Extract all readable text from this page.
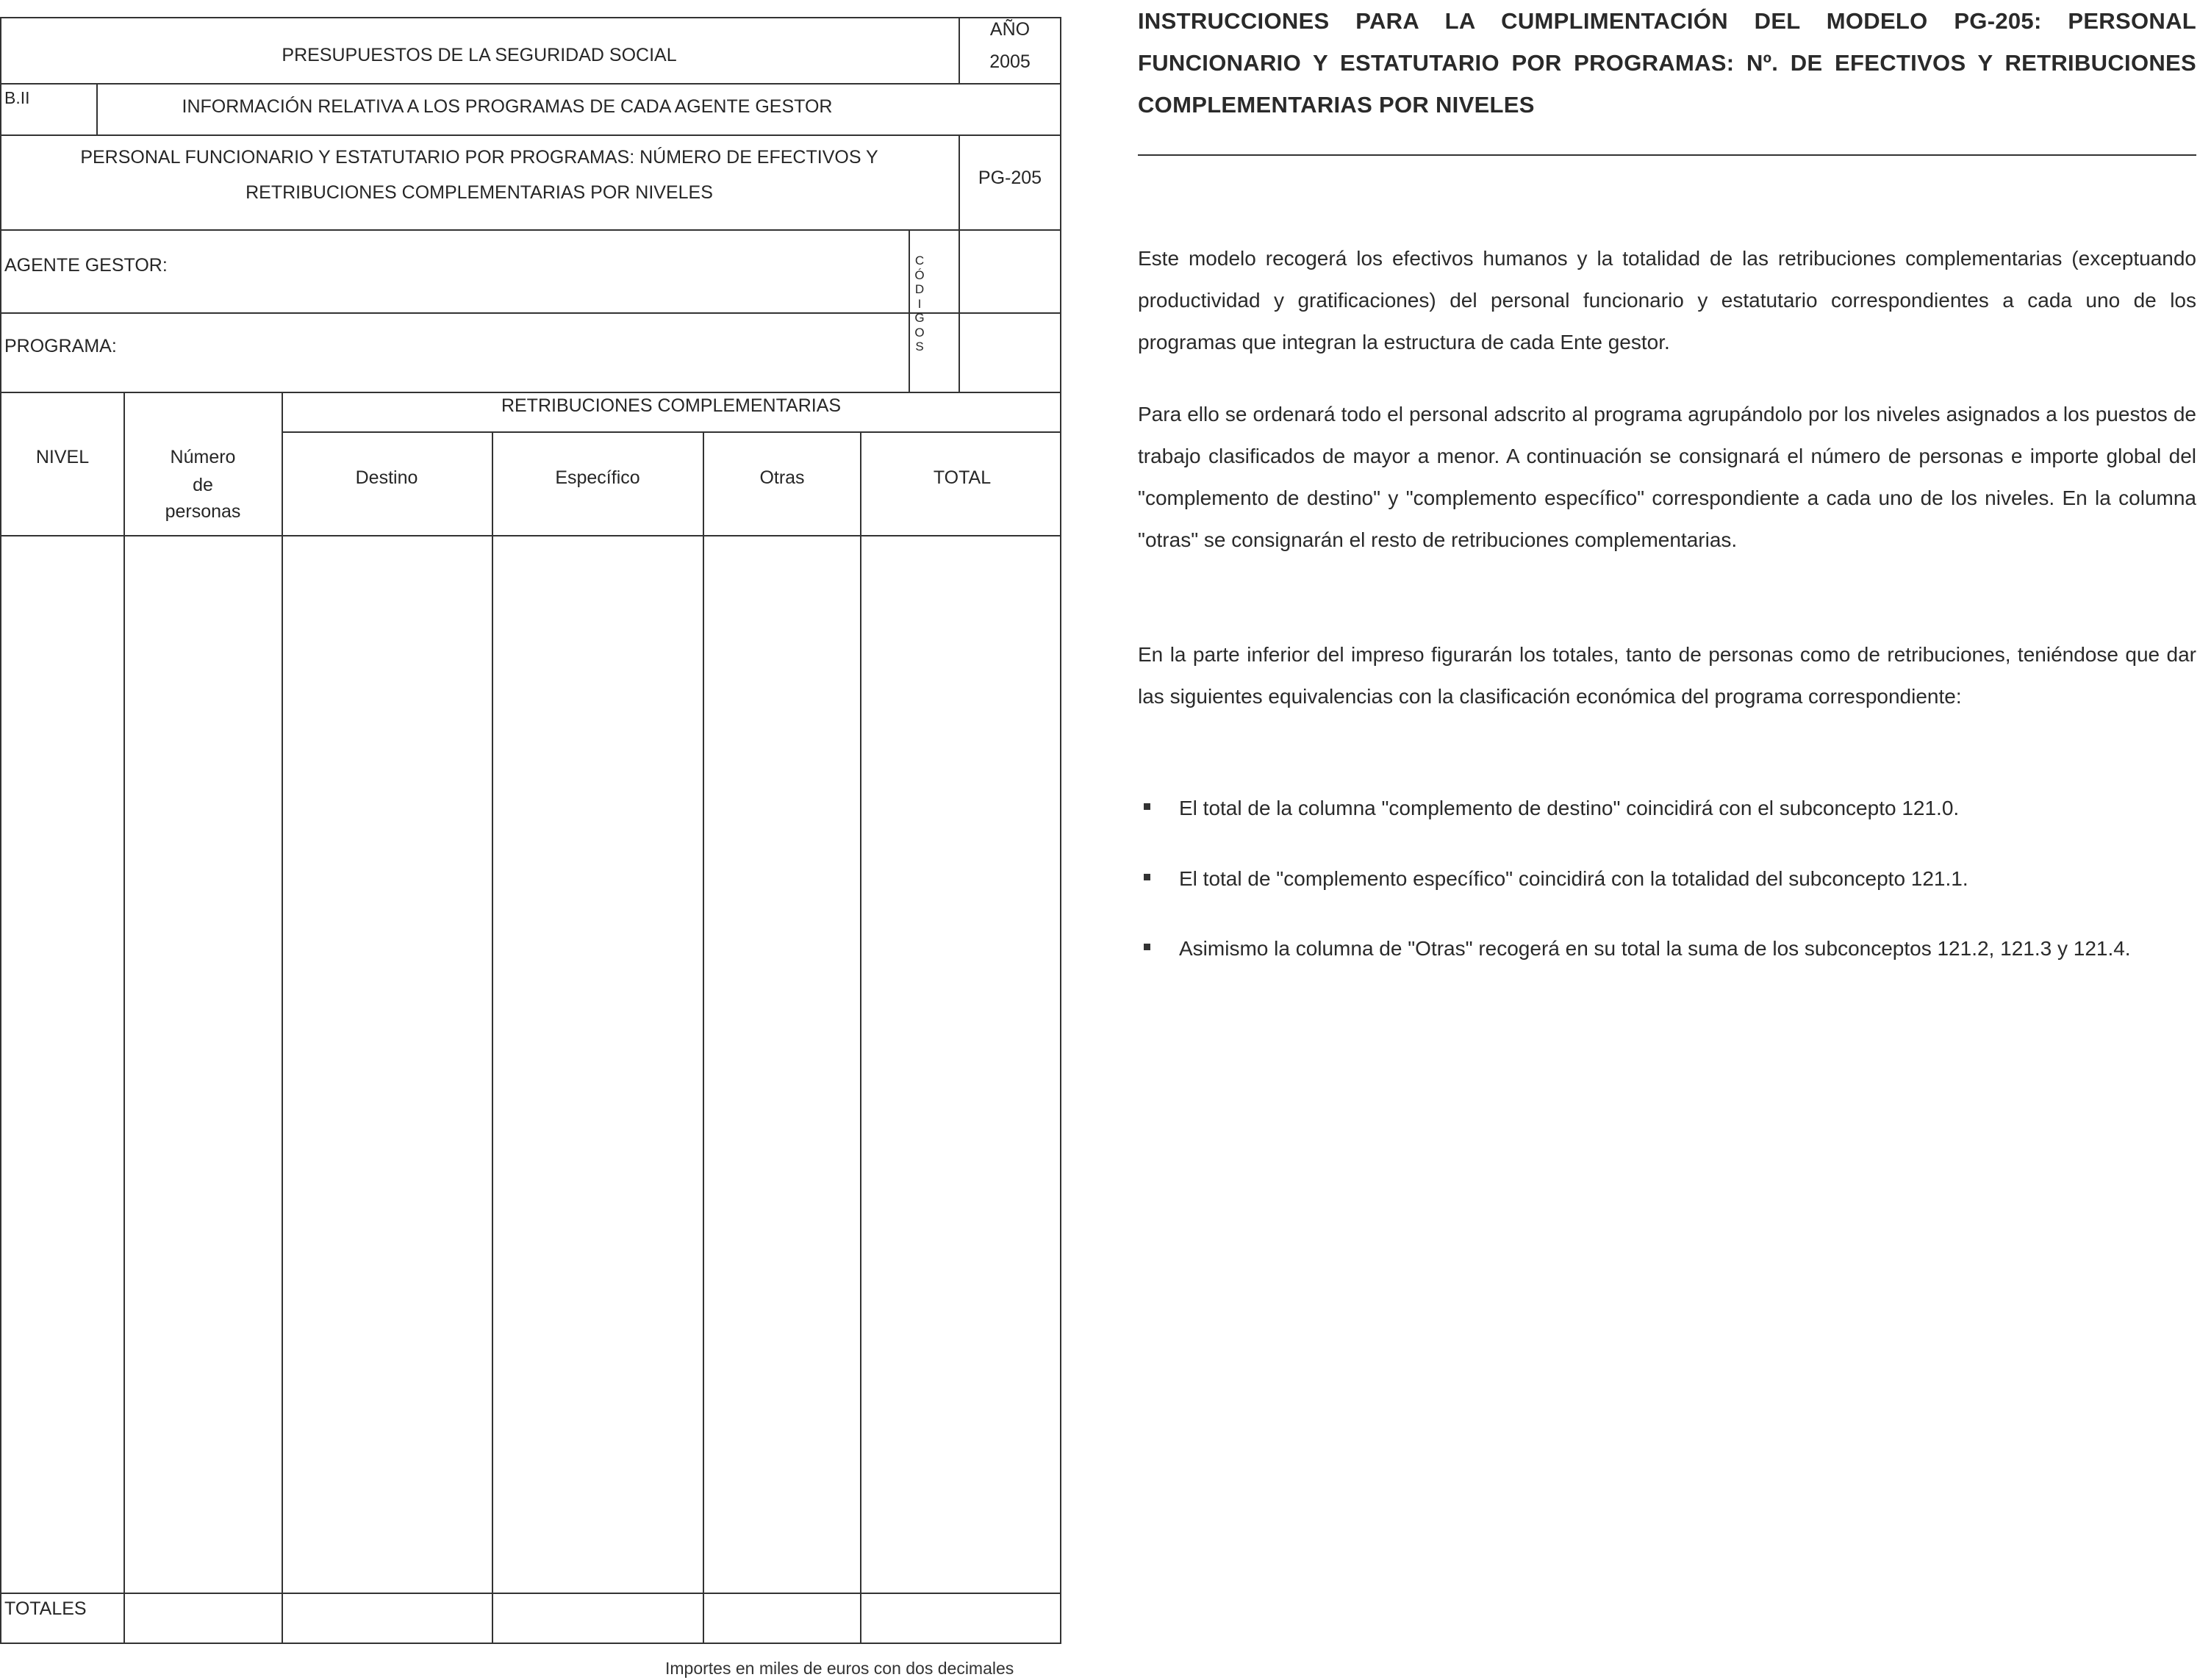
PRESUPUESTOS DE LA SEGURIDAD SOCIAL
AÑO
2005
B.II	INFORMACIÓN RELATIVA A LOS PROGRAMAS DE CADA AGENTE GESTOR
PERSONAL FUNCIONARIO Y ESTATUTARIO POR PROGRAMAS: NÚMERO DE EFECTIVOS Y
RETRIBUCIONES COMPLEMENTARIAS POR NIVELES
PG-205
AGENTE GESTOR:
PROGRAMA:
C
Ó
D
I
G
O
S
RETRIBUCIONES COMPLEMENTARIAS
NIVEL	Número
de
personas
Destino	Específico	Otras	TOTAL
TOTALES
Importes en miles de euros con dos decimales
INSTRUCCIONES PARA LA CUMPLIMENTACIÓN DEL MODELO PG-205: PERSONAL FUNCIONARIO Y ESTATUTARIO POR PROGRAMAS: Nº. DE EFECTIVOS Y RETRIBUCIONES COMPLEMENTARIAS POR NIVELES
Este modelo recogerá los efectivos humanos y la totalidad de las retribuciones complementarias (exceptuando productividad y gratificaciones) del personal funcionario y estatutario correspondientes a cada uno de los programas que integran la estructura de cada Ente gestor.
Para ello se ordenará todo el personal adscrito al programa agrupándolo por los niveles asignados a los puestos de trabajo clasificados de mayor a menor. A continuación se consignará el número de personas e importe global del "complemento de destino" y "complemento específico" correspondiente a cada uno de los niveles. En la columna "otras" se consignarán el resto de retribuciones complementarias.
En la parte inferior del impreso figurarán los totales, tanto de personas como de retribuciones, teniéndose que dar las siguientes equivalencias con la clasificación económica del programa correspondiente:
El total de la columna "complemento de destino" coincidirá con el subconcepto 121.0.
El total de "complemento específico" coincidirá con la totalidad del subconcepto 121.1.
Asimismo la columna de "Otras" recogerá en su total la suma de los subconceptos 121.2, 121.3 y 121.4.
